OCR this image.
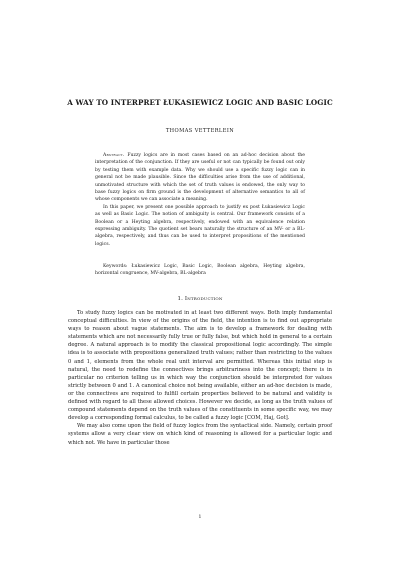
A WAY TO INTERPRET ŁUKASIEWICZ LOGIC AND BASIC LOGIC
THOMAS VETTERLEIN

Abstract. Fuzzy logics are in most cases based on an ad-hoc decision about the interpretation of the conjunction. If they are useful or not can typically be found out only by testing them with example data. Why we should use a specific fuzzy logic can in general not be made plausible. Since the difficulties arise from the use of additional, unmotivated structure with which the set of truth values is endowed, the only way to base fuzzy logics on firm ground is the development of alternative semantics to all of whose components we can associate a meaning.

In this paper, we present one possible approach to justify ex post Łukasiewicz Logic as well as Basic Logic. The notion of ambiguity is central. Our framework consists of a Boolean or a Heyting algebra, respectively, endowed with an equivalence relation expressing ambiguity. The quotient set bears naturally the structure of an MV- or a BL-algebra, respectively, and thus can be used to interpret propositions of the mentioned logics.

Keywords: Łukasiewicz Logic, Basic Logic, Boolean algebra, Heyting algebra, horizontal congruence, MV-algebra, BL-algebra

1. Introduction

To study fuzzy logics can be motivated in at least two different ways. Both imply fundamental conceptual difficulties. In view of the origins of the field, the intention is to find out appropriate ways to reason about vague statements. The aim is to develop a framework for dealing with statements which are not necessarily fully true or fully false, but which hold in general to a certain degree. A natural approach is to modify the classical propositional logic accordingly. The simple idea is to associate with propositions generalized truth values; rather than restricting to the values 0 and 1, elements from the whole real unit interval are permitted. Whereas this initial step is natural, the need to redefine the connectives brings arbitrariness into the concept; there is in particular no criterion telling us in which way the conjunction should be interpreted for values strictly between 0 and 1. A canonical choice not being available, either an ad-hoc decision is made, or the connectives are required to fulfill certain properties believed to be natural and validity is defined with regard to all these allowed choices. However we decide, as long as the truth values of compound statements depend on the truth values of the constituents in some specific way, we may develop a corresponding formal calculus, to be called a fuzzy logic [COM, Haj, Got].

We may also come upon the field of fuzzy logics from the syntactical side. Namely, certain proof systems allow a very clear view on which kind of reasoning is allowed for a particular logic and which not. We have in particular those

1
